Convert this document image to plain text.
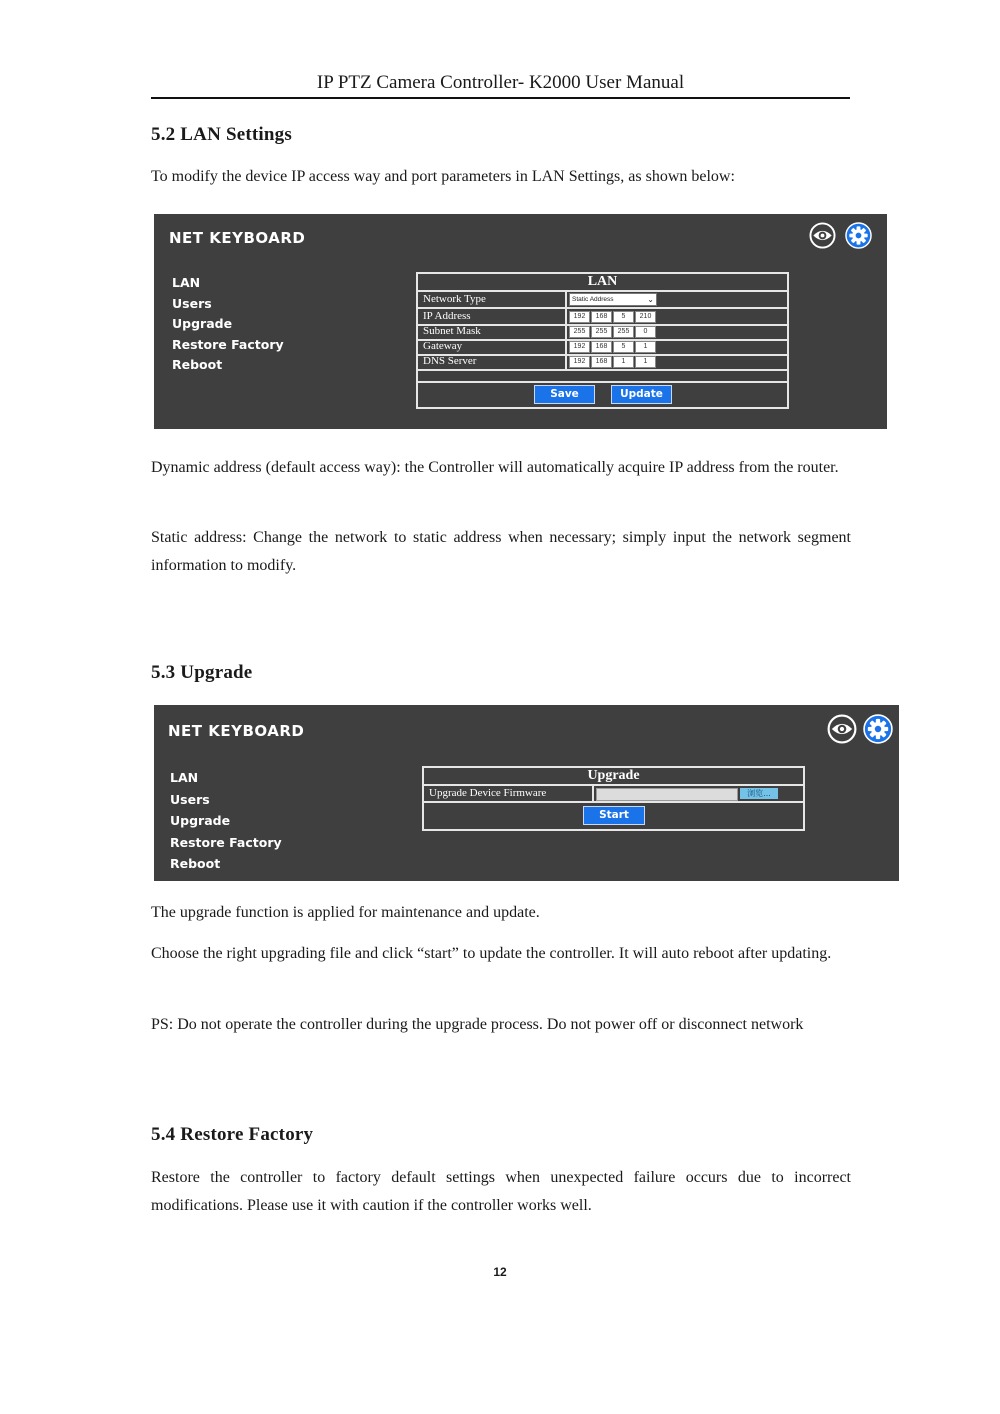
IP PTZ Camera Controller- K2000 User Manual
5.2 LAN Settings
To modify the device IP access way and port parameters in LAN Settings, as shown below:
NET KEYBOARD
LAN
Users
Upgrade
Restore Factory
Reboot
LAN
Network Type	Static Address	⌄
IP Address	192	168	5	210
Subnet Mask	255	255	255	0
Gateway	192	168	5	1
DNS Server	192	168	1	1
Save	Update
Dynamic address (default access way): the Controller will automatically acquire IP address from the router.
Static address: Change the network to static address when necessary; simply input the network segment information to modify.
5.3 Upgrade
NET KEYBOARD
LAN
Users
Upgrade
Restore Factory
Reboot
Upgrade
Upgrade Device Firmware	浏览...
Start
The upgrade function is applied for maintenance and update.
Choose the right upgrading file and click “start” to update the controller. It will auto reboot after updating.
PS: Do not operate the controller during the upgrade process. Do not power off or disconnect network
5.4 Restore Factory
Restore the controller to factory default settings when unexpected failure occurs due to incorrect modifications. Please use it with caution if the controller works well.
12
